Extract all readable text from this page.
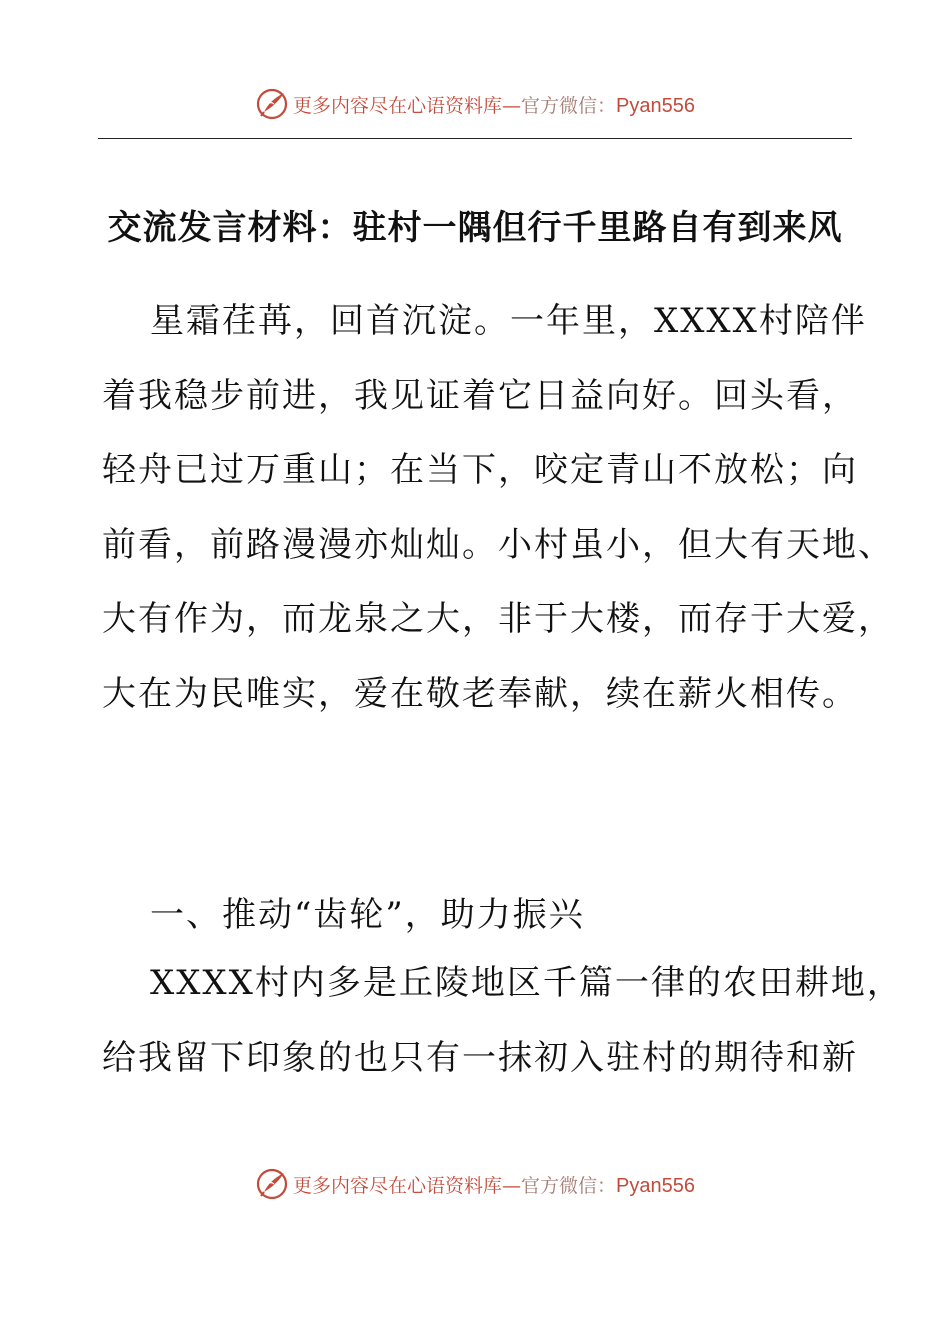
更多内容尽在心语资料库—官方微信：Pyan556
交流发言材料：驻村一隅但行千里路自有到来风
星霜荏苒，回首沉淀。一年里，XXXX村陪伴
着我稳步前进，我见证着它日益向好。回头看，
轻舟已过万重山；在当下，咬定青山不放松；向
前看，前路漫漫亦灿灿。小村虽小，但大有天地、
大有作为，而龙泉之大，非于大楼，而存于大爱，
大在为民唯实，爱在敬老奉献，续在薪火相传。
一、推动“齿轮”，助力振兴
XXXX村内多是丘陵地区千篇一律的农田耕地，
给我留下印象的也只有一抹初入驻村的期待和新
更多内容尽在心语资料库—官方微信：Pyan556
